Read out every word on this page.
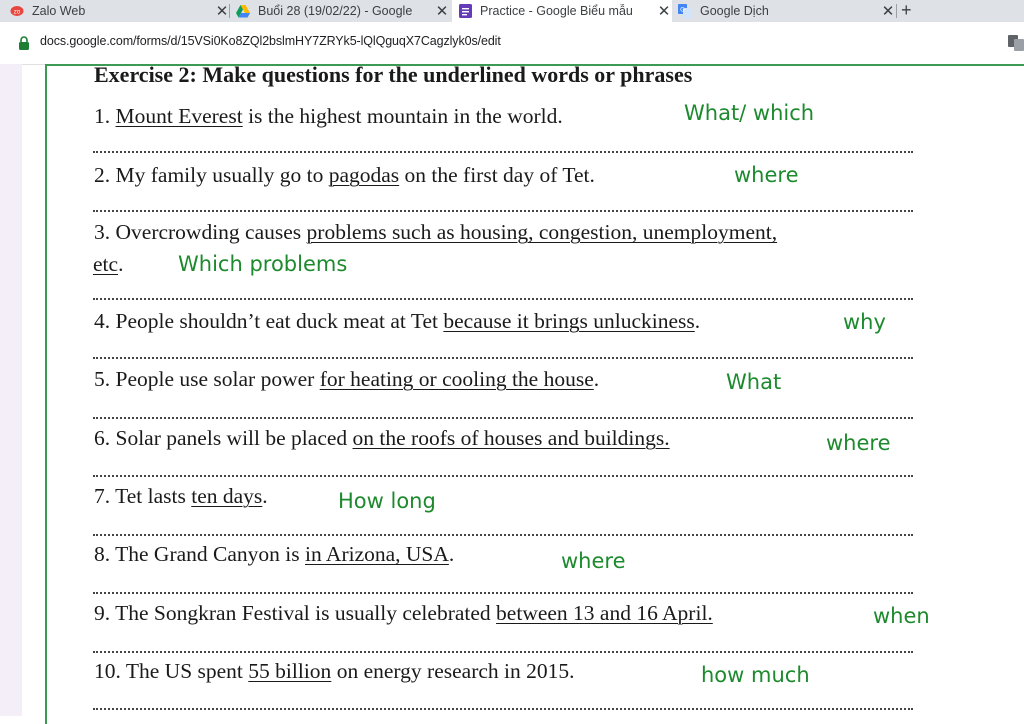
zo Zalo Web	✕ Buổi 28 (19/02/22) - Google	✕	Practice - Google Biểu mẫu	✕ G Google Dịch	✕ +
docs.google.com/forms/d/15VSi0Ko8ZQl2bslmHY7ZRYk5-lQlQguqX7Cagzlyk0s/edit
Exercise 2: Make questions for the underlined words or phrases
1. Mount Everest is the highest mountain in the world.	What/ which
2. My family usually go to pagodas on the first day of Tet.	where
3. Overcrowding causes problems such as housing, congestion, unemployment,
etc.	Which problems
4. People shouldn’t eat duck meat at Tet because it brings unluckiness.	why
5. People use solar power for heating or cooling the house.	What
6. Solar panels will be placed on the roofs of houses and buildings.	where
7. Tet lasts ten days.	How long
8. The Grand Canyon is in Arizona, USA.	where
9. The Songkran Festival is usually celebrated between 13 and 16 April.	when
10. The US spent 55 billion on energy research in 2015.	how much
